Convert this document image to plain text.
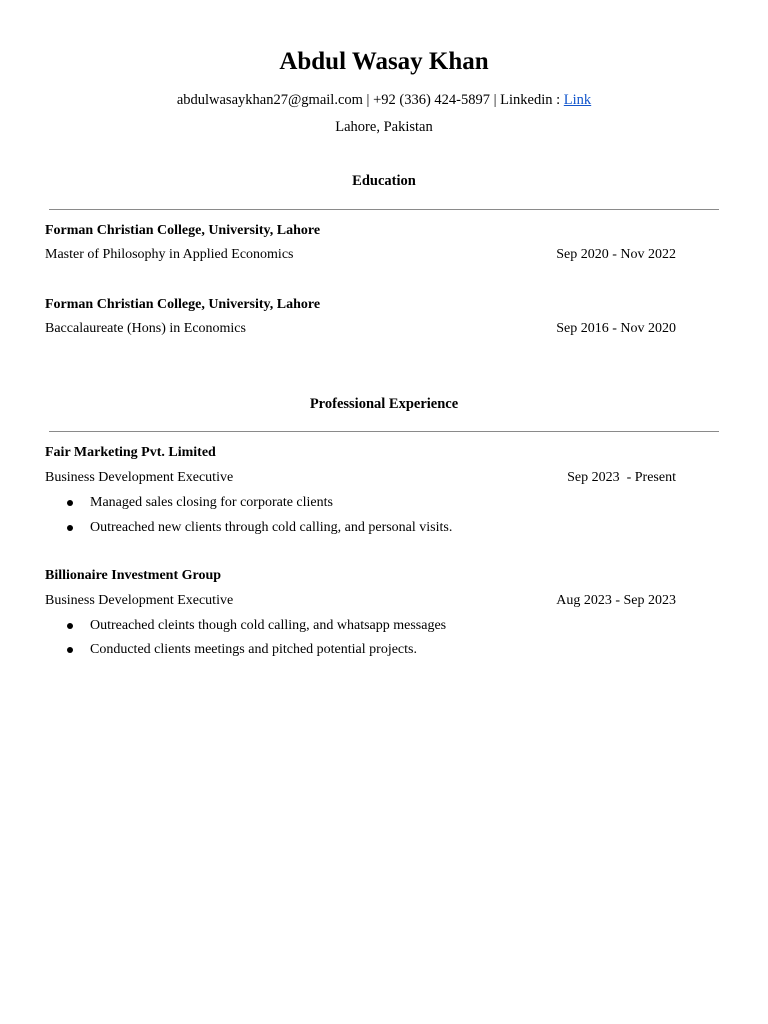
Abdul Wasay Khan
abdulwasaykhan27@gmail.com | +92 (336) 424-5897 | Linkedin : Link
Lahore, Pakistan
Education
Forman Christian College, University, Lahore
Master of Philosophy in Applied Economics	Sep 2020 - Nov 2022
Forman Christian College, University, Lahore
Baccalaureate (Hons) in Economics	Sep 2016 - Nov 2020
Professional Experience
Fair Marketing Pvt. Limited
Business Development Executive	Sep 2023  - Present
Managed sales closing for corporate clients
Outreached new clients through cold calling, and personal visits.
Billionaire Investment Group
Business Development Executive	Aug 2023 - Sep 2023
Outreached cleints though cold calling, and whatsapp messages
Conducted clients meetings and pitched potential projects.
